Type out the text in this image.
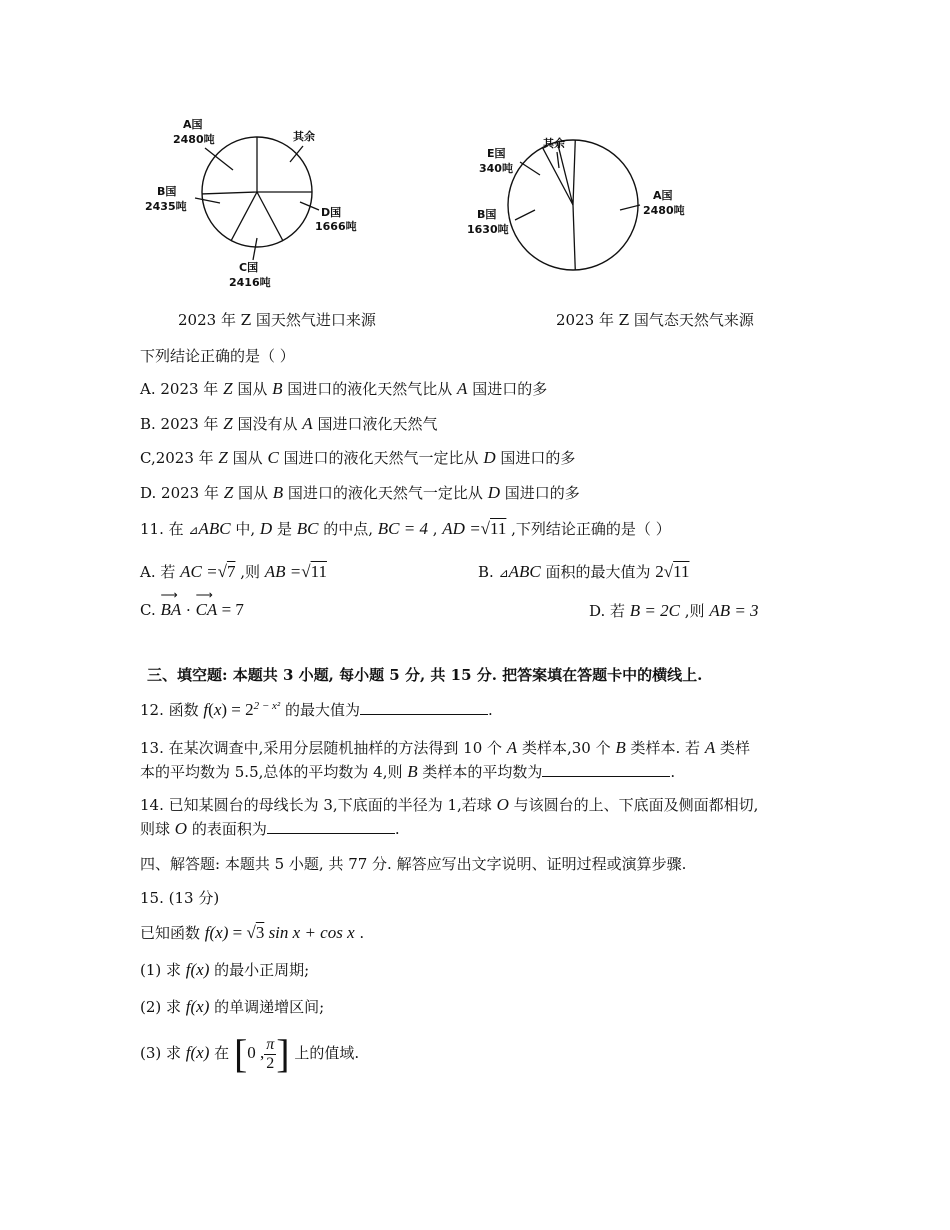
A国
2480吨	其余
D国
1666吨
C国
2416吨
B国
2435吨
其余
E国
340吨
B国
1630吨
A国
2480吨
2023 年 Z 国天然气进口来源	2023 年 Z 国气态天然气来源
下列结论正确的是（ ）
A. 2023 年 Z 国从 B 国进口的液化天然气比从 A 国进口的多
B. 2023 年 Z 国没有从 A 国进口液化天然气
C,2023 年 Z 国从 C 国进口的液化天然气一定比从 D 国进口的多
D. 2023 年 Z 国从 B 国进口的液化天然气一定比从 D 国进口的多
11. 在 ⊿ABC 中, D 是 BC 的中点, BC = 4 , AD =√11 ,下列结论正确的是（ ）
A. 若 AC =√7 ,则 AB =√11	B. ⊿ABC 面积的最大值为 2√11
C.
⟶
BA ·
⟶
CA = 7	D. 若 B = 2C ,则 AB = 3
三、填空题: 本题共 3 小题, 每小题 5 分, 共 15 分. 把答案填在答题卡中的横线上.
12. 函数 $f(x) = 2^{2 - x^2}$ 的最大值为	.
13. 在某次调查中,采用分层随机抽样的方法得到 10 个 A 类样本,30 个 B 类样本. 若 A 类样
本的平均数为 5.5,总体的平均数为 4,则 B 类样本的平均数为	.
14. 已知某圆台的母线长为 3,下底面的半径为 1,若球 O 与该圆台的上、下底面及侧面都相切,
则球 O 的表面积为	.
四、解答题: 本题共 5 小题, 共 77 分. 解答应写出文字说明、证明过程或演算步骤.
15. (13 分)
已知函数 f(x) = √3 sin x + cos x .
(1) 求 f(x) 的最小正周期;
(2) 求 f(x) 的单调递增区间;
(3) 求 f(x) 在 [0 , $\frac{\pi}{2}$ ] 上的值域.
